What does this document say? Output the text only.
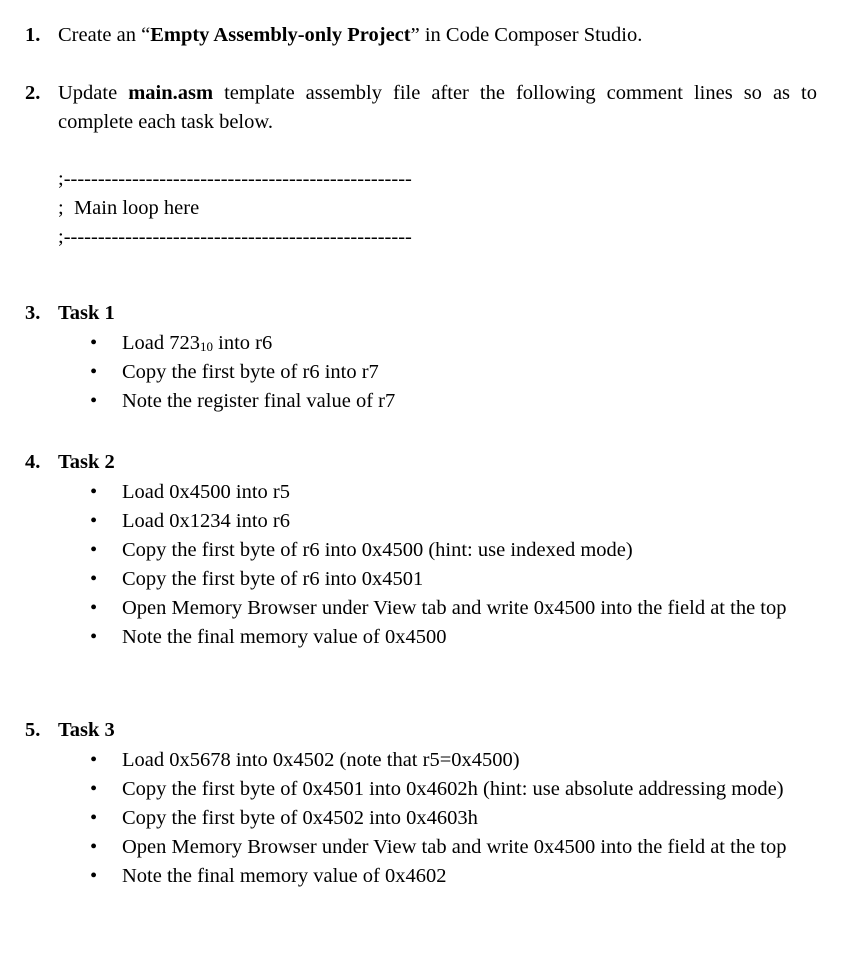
1. Create an “Empty Assembly-only Project” in Code Composer Studio.
2. Update main.asm template assembly file after the following comment lines so as to complete each task below.
;---------------------------------------------------
;  Main loop here
;---------------------------------------------------
3. Task 1
• Load $723_{10}$ into r6
• Copy the first byte of r6 into r7
• Note the register final value of r7
4. Task 2
• Load 0x4500 into r5
• Load 0x1234 into r6
• Copy the first byte of r6 into 0x4500 (hint: use indexed mode)
• Copy the first byte of r6 into 0x4501
• Open Memory Browser under View tab and write 0x4500 into the field at the top
• Note the final memory value of 0x4500
5. Task 3
• Load 0x5678 into 0x4502 (note that r5=0x4500)
• Copy the first byte of 0x4501 into 0x4602h (hint: use absolute addressing mode)
• Copy the first byte of 0x4502 into 0x4603h
• Open Memory Browser under View tab and write 0x4500 into the field at the top
• Note the final memory value of 0x4602
